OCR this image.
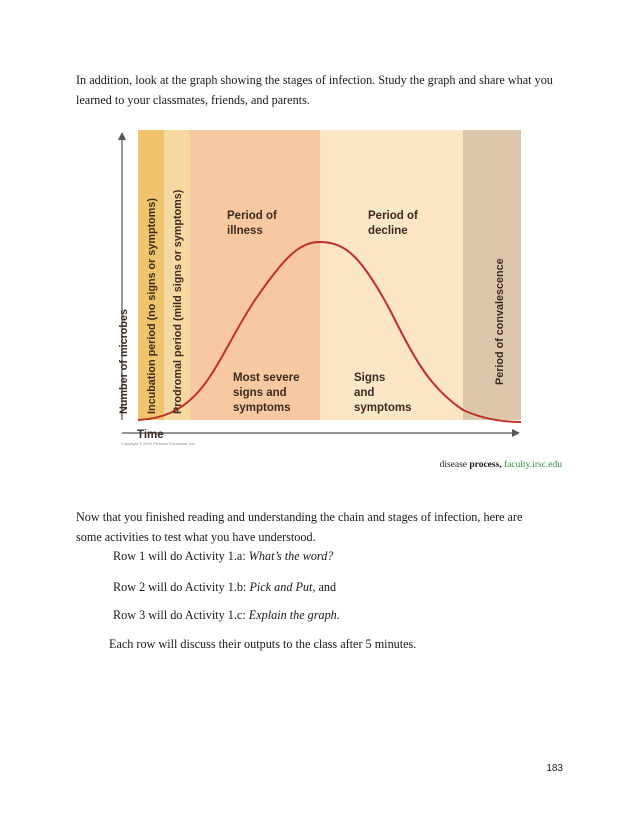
In addition, look at the graph showing the stages of infection. Study the graph and share what you learned to your classmates, friends, and parents.

Number of microbes
Time
Copyright © 2010 Pearson Education, Inc.
Incubation period (no signs or symptoms) Prodromal period (mild signs or symptoms)	Period of convalescence
Period of
illness
Period of
decline
Most severe
signs and
symptoms
Signs
and
symptoms
disease process, faculty.irsc.edu

Now that you finished reading and understanding the chain and stages of infection, here are some activities to test what you have understood.

Row 1 will do Activity 1.a: What’s the word?

Row 2 will do Activity 1.b: Pick and Put, and

Row 3 will do Activity 1.c: Explain the graph.

Each row will discuss their outputs to the class after 5 minutes.

183
